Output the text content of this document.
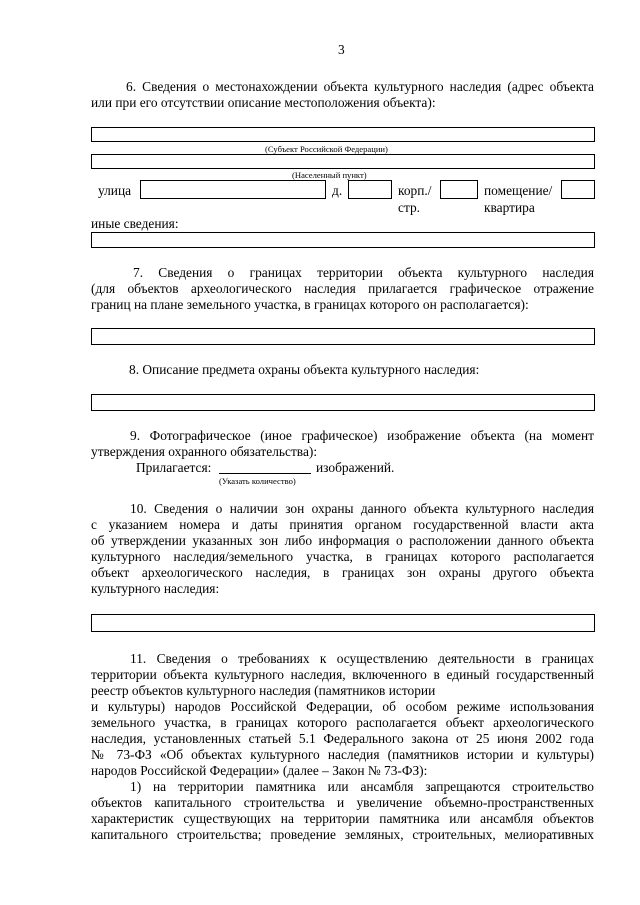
3
6. Сведения о местонахождении объекта культурного наследия (адрес объекта
или при его отсутствии описание местоположения объекта):
(Субъект Российской Федерации)
(Населенный пункт)
улица	д.	корп./
стр.
помещение/
квартира
иные сведения:
7. Сведения о границах территории объекта культурного наследия
(для объектов археологического наследия прилагается графическое отражение
границ на плане земельного участка, в границах которого он располагается):
8. Описание предмета охраны объекта культурного наследия:
9. Фотографическое (иное графическое) изображение объекта (на момент
утверждения охранного обязательства):
Прилагается:	изображений.
(Указать количество)
10. Сведения о наличии зон охраны данного объекта культурного наследия
с указанием номера и даты принятия органом государственной власти акта
об утверждении указанных зон либо информация о расположении данного объекта
культурного наследия/земельного участка, в границах которого располагается
объект археологического наследия, в границах зон охраны другого объекта
культурного наследия:
11. Сведения о требованиях к осуществлению деятельности в границах
территории объекта культурного наследия, включенного в единый государственный
реестр объектов культурного наследия (памятников истории
и культуры) народов Российской Федерации, об особом режиме использования
земельного участка, в границах которого располагается объект археологического
наследия, установленных статьей 5.1 Федерального закона от 25 июня 2002 года
№ 73-ФЗ «Об объектах культурного наследия (памятников истории и культуры)
народов Российской Федерации» (далее – Закон № 73-ФЗ):
1) на территории памятника или ансамбля запрещаются строительство
объектов капитального строительства и увеличение объемно-пространственных
характеристик существующих на территории памятника или ансамбля объектов
капитального строительства; проведение земляных, строительных, мелиоративных
